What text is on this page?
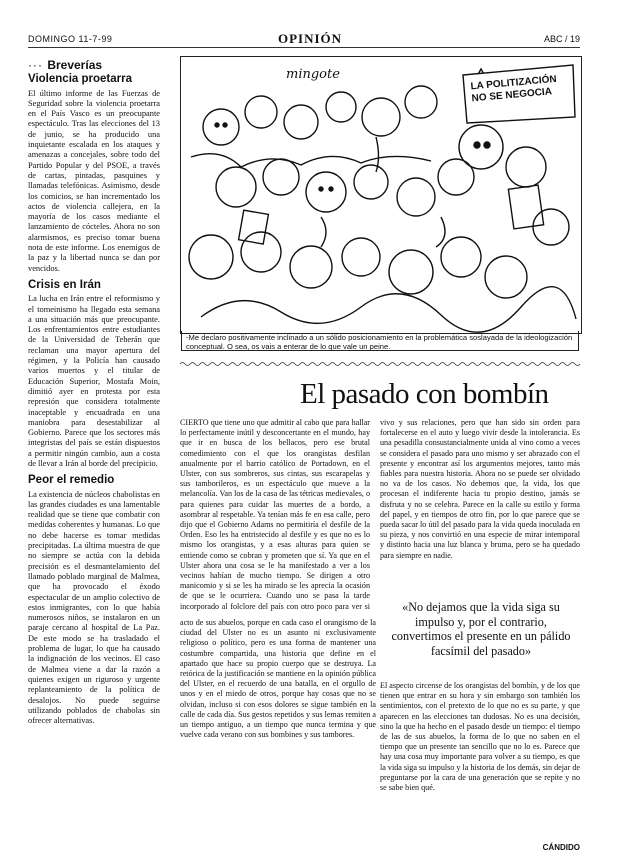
DOMINGO 11-7-99	OPINIÓN	ABC / 19
··· Breverías
Violencia proetarra

El último informe de las Fuerzas de Seguridad sobre la violencia proetarra en el País Vasco es un preocupante espectáculo. Tras las elecciones del 13 de junio, se ha producido una inquietante escalada en los ataques y amenazas a concejales, sobre todo del Partido Popular y del PSOE, a través de cartas, pintadas, pasquines y llamadas telefónicas. Asimismo, desde los comicios, se han incrementado los actos de violencia callejera, en la mayoría de los casos mediante el lanzamiento de cócteles. Ahora no son alarmismos, es preciso tomar buena nota de este informe. Los enemigos de la paz y la libertad nunca se dan por vencidos.

Crisis en Irán

La lucha en Irán entre el reformismo y el tomeinismo ha llegado esta semana a una situación más que preocupante. Los enfrentamientos entre estudiantes de la Universidad de Teherán que reclaman una mayor apertura del régimen, y la Policía han causado varios muertos y el titular de Educación Superior, Mostafa Moin, dimitió ayer en protesta por esta represión que considera totalmente inaceptable y encuadrada en una maniobra para desestabilizar al Gobierno. Parece que los sectores más integristas del país se están dispuestos a permitir ningún cambio, aun a costa de llevar a Irán al borde del precipicio.

Peor el remedio

La existencia de núcleos chabolistas en las grandes ciudades es una lamentable realidad que se tiene que combatir con medidas coherentes y humanas. Lo que no debe hacerse es tomar medidas precipitadas. La última muestra de que no siempre se actúa con la debida precisión es el desmantelamiento del llamado poblado marginal de Malmea, que ha provocado el éxodo espectacular de un amplio colectivo de estos inmigrantes, con lo que había numerosos niños, se instalaron en un paraje cercano al hospital de La Paz. De este modo se ha trasladado el problema de lugar, lo que ha causado la indignación de los vecinos. El caso de Malmea viene a dar la razón a quienes exigen un riguroso y urgente replanteamiento de la política de desalojos. No puede seguirse utilizando poblados de chabolas sin ofrecer alternativas.

mingote	LA POLITIZACIÓN NO SE NEGOCIA
-Me declaro positivamente inclinado a un sólido posicionamiento en la problemática soslayada de la ideologización conceptual. O sea, os vais a enterar de lo que vale un peine.
El pasado con bombín

CIERTO que tiene uno que admitir al cabo que para hallar lo perfectamente inútil y desconcertante en el mundo, hay que ir en busca de los bellacos, pero ese brutal comedimiento con el que los orangistas desfilan anualmente por el barrio católico de Portadown, en el Ulster, con sus sombreros, sus cintas, sus escarapelas y sus tamborileros, es un espectáculo que mueve a la melancolía. Van los de la casa de las tétricas medievales, o para quienes para cuidar las muertes de a bordo, a asombrar al respetable. Ya tenían más fe en esa calle, pero dijo que el Gobierno Adams no permitiría el desfile de la Orden. Eso les ha entristecido al desfile y es que no es lo mismo los orangistas, y a esas alturas para quien se entiende como se cobran y prometen que sí. Ya que en el Ulster ahora una cosa se le ha manifestado a ver a los vecinos habían de mucho tiempo. Se dirigen a otro manicomio y si se les ha mirado se les aprecia la ocasión de que se le ocurriera. Cuando uno se pasa la tarde incorporado al folclore del país con otro poco para ver si

acto de sus abuelos, porque en cada caso el orangismo de la ciudad del Ulster no es un asunto ni exclusivamente religioso o político, pero es una forma de mantener una costumbre compartida, una historia que define en el apartado que hace su propio cuerpo que se destruya. La retórica de la justificación se mantiene en la opinión pública del Ulster, en el recuerdo de una batalla, en el orgullo de unos y en el miedo de otros, porque hay cosas que no se olvidan, incluso si con esos dolores se sigue también en la calle de cada día. Sus gestos repetidos y sus lemas remiten a un tiempo antiguo, a un tiempo que nunca termina y que vuelve cada verano con sus bombines y sus tambores.

vivo y sus relaciones, pero que han sido sin orden para fortalecerse en el auto y luego vivir desde la intolerancia. Es una pesadilla consustancialmente unida al vino como a veces se considera el pasado para uno mismo y ser abrazado con el presente y encontrar así los argumentos mejores, tanto más fiables para nuestra historia. Ahora no se puede ser olvidado no va de los casos. No debemos que, la vida, los que procesan el indiferente hacia tu propio destino, jamás se disfruta y no se celebra. Parece en la calle su estilo y forma del papel, y en tiempos de otro fin, por lo que parece que se pueda sacar lo útil del pasado para la vida queda inoculada en su pieza, y nos convirtió en una especie de mirar intemporal y distinto hacia una luz blanca y bruma, pero se ha quedado para siempre en nadie.

«No dejamos que la vida siga su impulso y, por el contrario, convertimos el presente en un pálido facsímil del pasado»

El aspecto circense de los orangistas del bombín, y de los que tienen que entrar en su hora y sin embargo son también los sentimientos, con el pretexto de lo que no es su parte, y que aparecen en las elecciones tan dudosas. No es una decisión, sino la que ha hecho en el pasado desde un tiempo: el tiempo de las de sus abuelos, la forma de lo que no saben en el tiempo que un presente tan sencillo que no lo es. Parece que hay una cosa muy importante para volver a su tiempo, es que la vida siga su impulso y la historia de los demás, sin dejar de preguntarse por la cara de una generación que se repite y no se sabe bien qué.

CÁNDIDO
